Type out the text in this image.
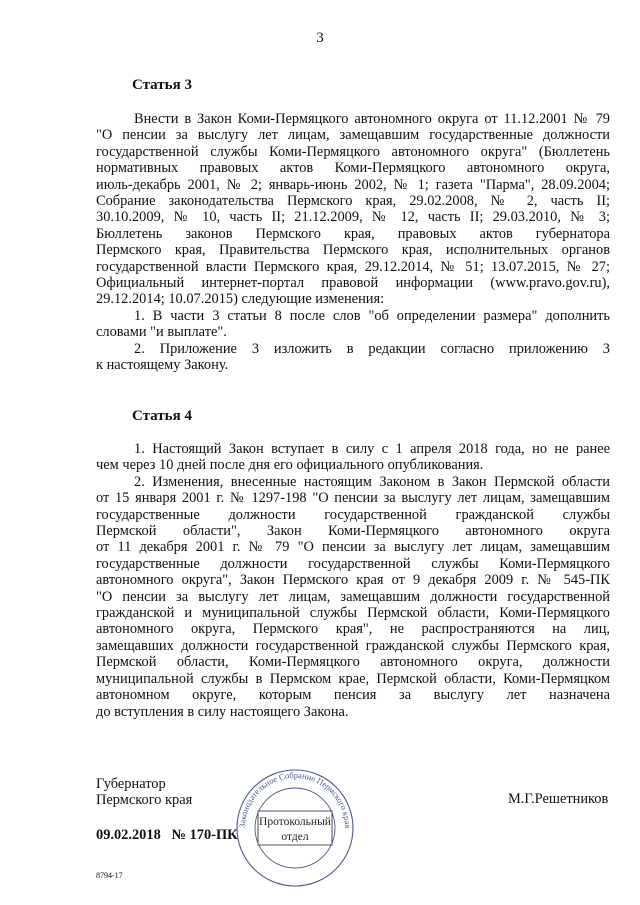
3
Статья 3

Внести в Закон Коми-Пермяцкого автономного округа от 11.12.2001 № 79

"О пенсии за выслугу лет лицам, замещавшим государственные должности

государственной службы Коми-Пермяцкого автономного округа" (Бюллетень

нормативных правовых актов Коми-Пермяцкого автономного округа,

июль-декабрь 2001, № 2; январь-июнь 2002, № 1; газета "Парма", 28.09.2004;

Собрание законодательства Пермского края, 29.02.2008, № 2, часть II;

30.10.2009, № 10, часть II; 21.12.2009, № 12, часть II; 29.03.2010, № 3;

Бюллетень законов Пермского края, правовых актов губернатора

Пермского края, Правительства Пермского края, исполнительных органов

государственной власти Пермского края, 29.12.2014, № 51; 13.07.2015, № 27;

Официальный интернет-портал правовой информации (www.pravo.gov.ru),

29.12.2014; 10.07.2015) следующие изменения:

1. В части 3 статьи 8 после слов "об определении размера" дополнить

словами "и выплате".

2. Приложение 3 изложить в редакции согласно приложению 3

к настоящему Закону.

Статья 4

1. Настоящий Закон вступает в силу с 1 апреля 2018 года, но не ранее

чем через 10 дней после дня его официального опубликования.

2. Изменения, внесенные настоящим Законом в Закон Пермской области

от 15 января 2001 г. № 1297-198 "О пенсии за выслугу лет лицам, замещавшим

государственные должности государственной гражданской службы

Пермской области", Закон Коми-Пермяцкого автономного округа

от 11 декабря 2001 г. № 79 "О пенсии за выслугу лет лицам, замещавшим

государственные должности государственной службы Коми-Пермяцкого

автономного округа", Закон Пермского края от 9 декабря 2009 г. № 545-ПК

"О пенсии за выслугу лет лицам, замещавшим должности государственной

гражданской и муниципальной службы Пермской области, Коми-Пермяцкого

автономного округа, Пермского края", не распространяются на лиц,

замещавших должности государственной гражданской службы Пермского края,

Пермской области, Коми-Пермяцкого автономного округа, должности

муниципальной службы в Пермском крае, Пермской области, Коми-Пермяцком

автономном округе, которым пенсия за выслугу лет назначена

до вступления в силу настоящего Закона.

Губернатор
Пермского края	М.Г.Решетников
09.02.2018   № 170-ПК
8794-17
Законодательное Собрание Пермского края
Протокольный
отдел
